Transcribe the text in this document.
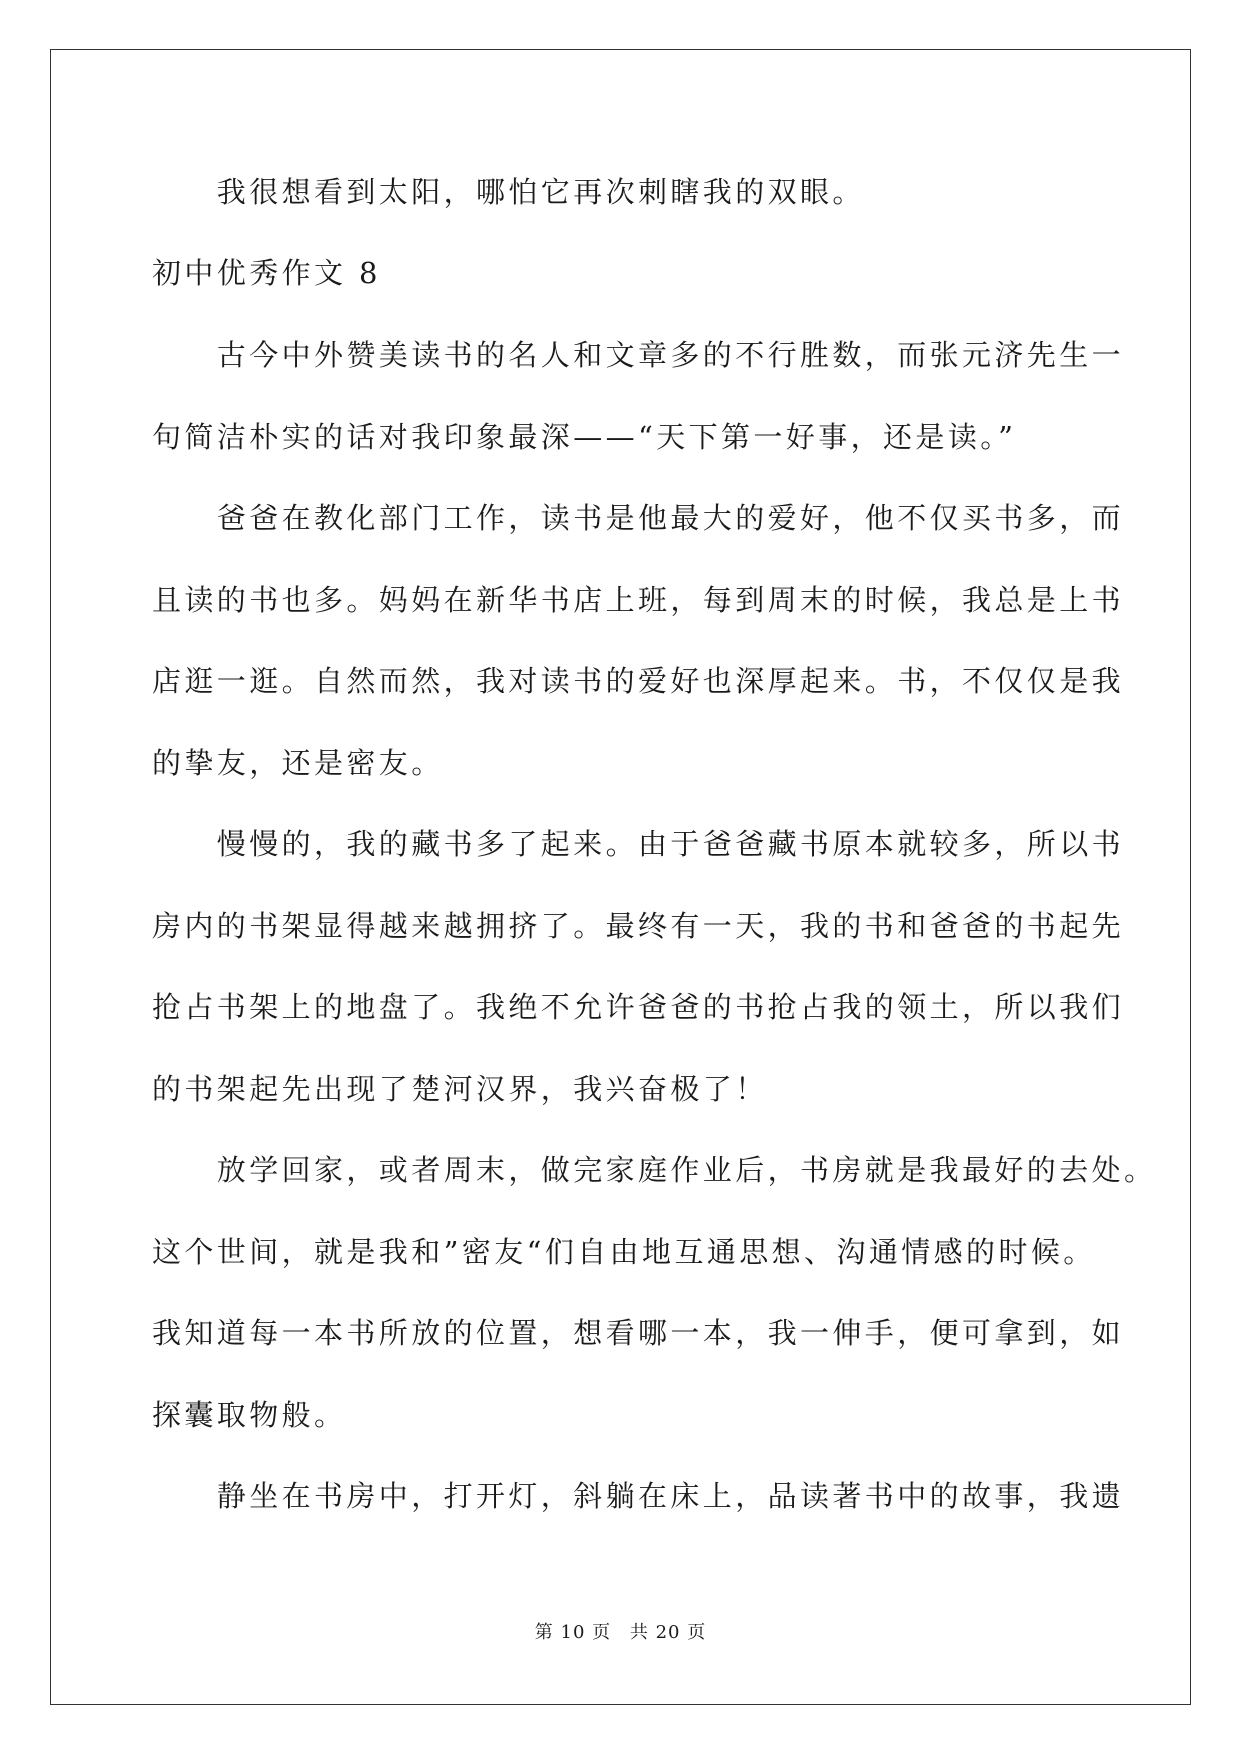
　　我很想看到太阳，哪怕它再次刺瞎我的双眼。
初中优秀作文 8
　　古今中外赞美读书的名人和文章多的不行胜数，而张元济先生一
句简洁朴实的话对我印象最深——“天下第一好事，还是读。”
　　爸爸在教化部门工作，读书是他最大的爱好，他不仅买书多，而
且读的书也多。妈妈在新华书店上班，每到周末的时候，我总是上书
店逛一逛。自然而然，我对读书的爱好也深厚起来。书，不仅仅是我
的挚友，还是密友。
　　慢慢的，我的藏书多了起来。由于爸爸藏书原本就较多，所以书
房内的书架显得越来越拥挤了。最终有一天，我的书和爸爸的书起先
抢占书架上的地盘了。我绝不允许爸爸的书抢占我的领土，所以我们
的书架起先出现了楚河汉界，我兴奋极了！
　　放学回家，或者周末，做完家庭作业后，书房就是我最好的去处。
这个世间，就是我和”密友“们自由地互通思想、沟通情感的时候。
我知道每一本书所放的位置，想看哪一本，我一伸手，便可拿到，如
探囊取物般。
　　静坐在书房中，打开灯，斜躺在床上，品读著书中的故事，我遗
第 10 页 共 20 页
